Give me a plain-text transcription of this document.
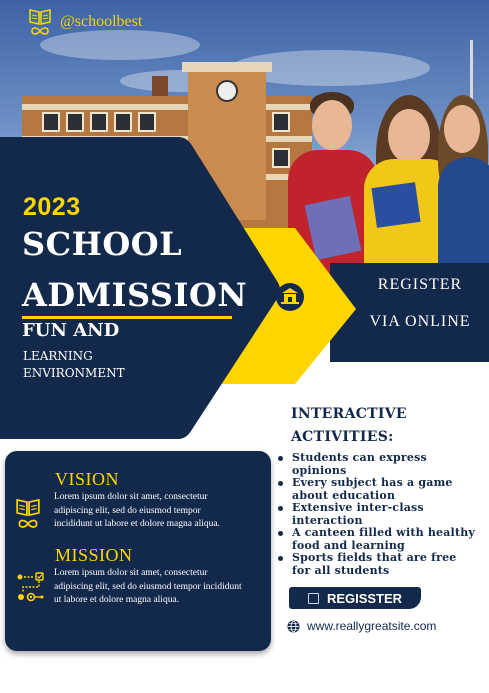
@schoolbest
2023
SCHOOL
ADMISSION
FUN AND
LEARNING ENVIRONMENT
REGISTER
VIA ONLINE
INTERACTIVE
ACTIVITIES:
Students can express opinions
Every subject has a game about education
Extensive inter-class interaction
A canteen filled with healthy food and learning
Sports fields that are free for all students
VISION
Lorem ipsum dolor sit amet, consectetur adipiscing elit, sed do eiusmod tempor incididunt ut labore et dolore magna aliqua.
MISSION
Lorem ipsum dolor sit amet, consectetur adipiscing elit, sed do eiusmod tempor incididunt ut labore et dolore magna aliqua.	REGISSTER
www.reallygreatsite.com
